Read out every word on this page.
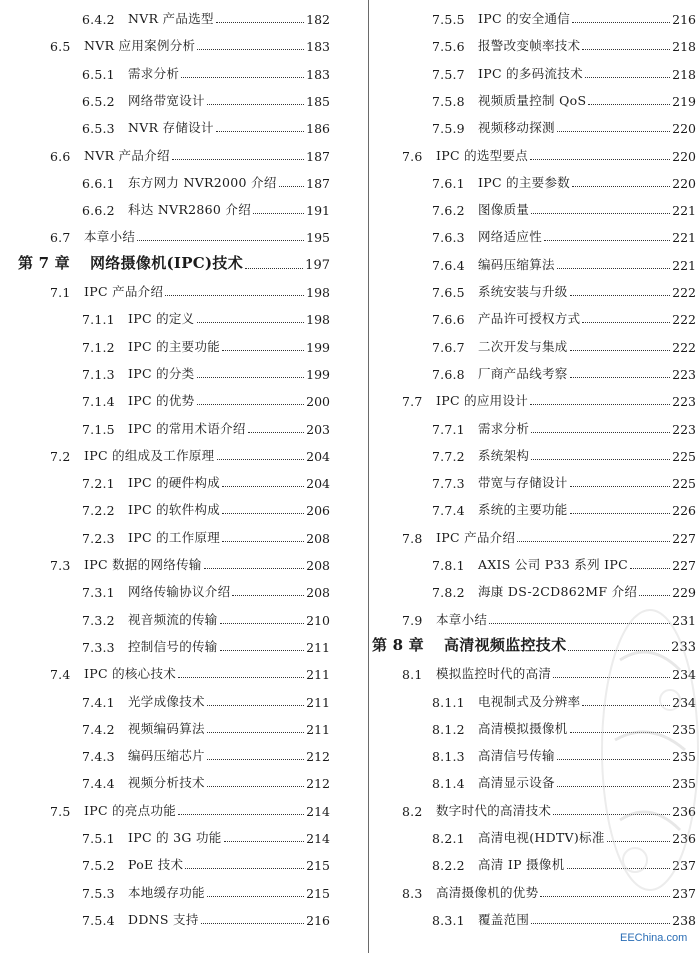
6.4.2	NVR 产品选型	182
6.5	NVR 应用案例分析	183
6.5.1	需求分析	183
6.5.2	网络带宽设计	185
6.5.3	NVR 存储设计	186
6.6	NVR 产品介绍	187
6.6.1	东方网力 NVR2000 介绍 187
6.6.2	科达 NVR2860 介绍	191
6.7	本章小结	195
第 7 章	网络摄像机(IPC)技术	197
7.1	IPC 产品介绍	198
7.1.1	IPC 的定义	198
7.1.2	IPC 的主要功能	199
7.1.3	IPC 的分类	199
7.1.4	IPC 的优势	200
7.1.5	IPC 的常用术语介绍	203
7.2	IPC 的组成及工作原理	204
7.2.1	IPC 的硬件构成	204
7.2.2	IPC 的软件构成	206
7.2.3	IPC 的工作原理	208
7.3	IPC 数据的网络传输	208
7.3.1	网络传输协议介绍	208
7.3.2	视音频流的传输	210
7.3.3	控制信号的传输	211
7.4	IPC 的核心技术	211
7.4.1	光学成像技术	211
7.4.2	视频编码算法	211
7.4.3	编码压缩芯片	212
7.4.4	视频分析技术	212
7.5	IPC 的亮点功能	214
7.5.1	IPC 的 3G 功能	214
7.5.2	PoE 技术	215
7.5.3	本地缓存功能	215
7.5.4	DDNS 支持	216
7.5.5	IPC 的安全通信	216
7.5.6	报警改变帧率技术	218
7.5.7	IPC 的多码流技术	218
7.5.8	视频质量控制 QoS	219
7.5.9	视频移动探测	220
7.6	IPC 的选型要点	220
7.6.1	IPC 的主要参数	220
7.6.2	图像质量	221
7.6.3	网络适应性	221
7.6.4	编码压缩算法	221
7.6.5	系统安装与升级	222
7.6.6	产品许可授权方式	222
7.6.7	二次开发与集成	222
7.6.8	厂商产品线考察	223
7.7	IPC 的应用设计	223
7.7.1	需求分析	223
7.7.2	系统架构	225
7.7.3	带宽与存储设计	225
7.7.4	系统的主要功能	226
7.8	IPC 产品介绍	227
7.8.1	AXIS 公司 P33 系列 IPC	227
7.8.2	海康 DS-2CD862MF 介绍	229
7.9	本章小结	231
第 8 章	高清视频监控技术	233
8.1	模拟监控时代的高清	234
8.1.1	电视制式及分辨率	234
8.1.2	高清模拟摄像机	235
8.1.3	高清信号传输	235
8.1.4	高清显示设备	235
8.2	数字时代的高清技术	236
8.2.1	高清电视(HDTV)标准	236
8.2.2	高清 IP 摄像机	237
8.3	高清摄像机的优势	237
8.3.1	覆盖范围	238
EEChina.com
